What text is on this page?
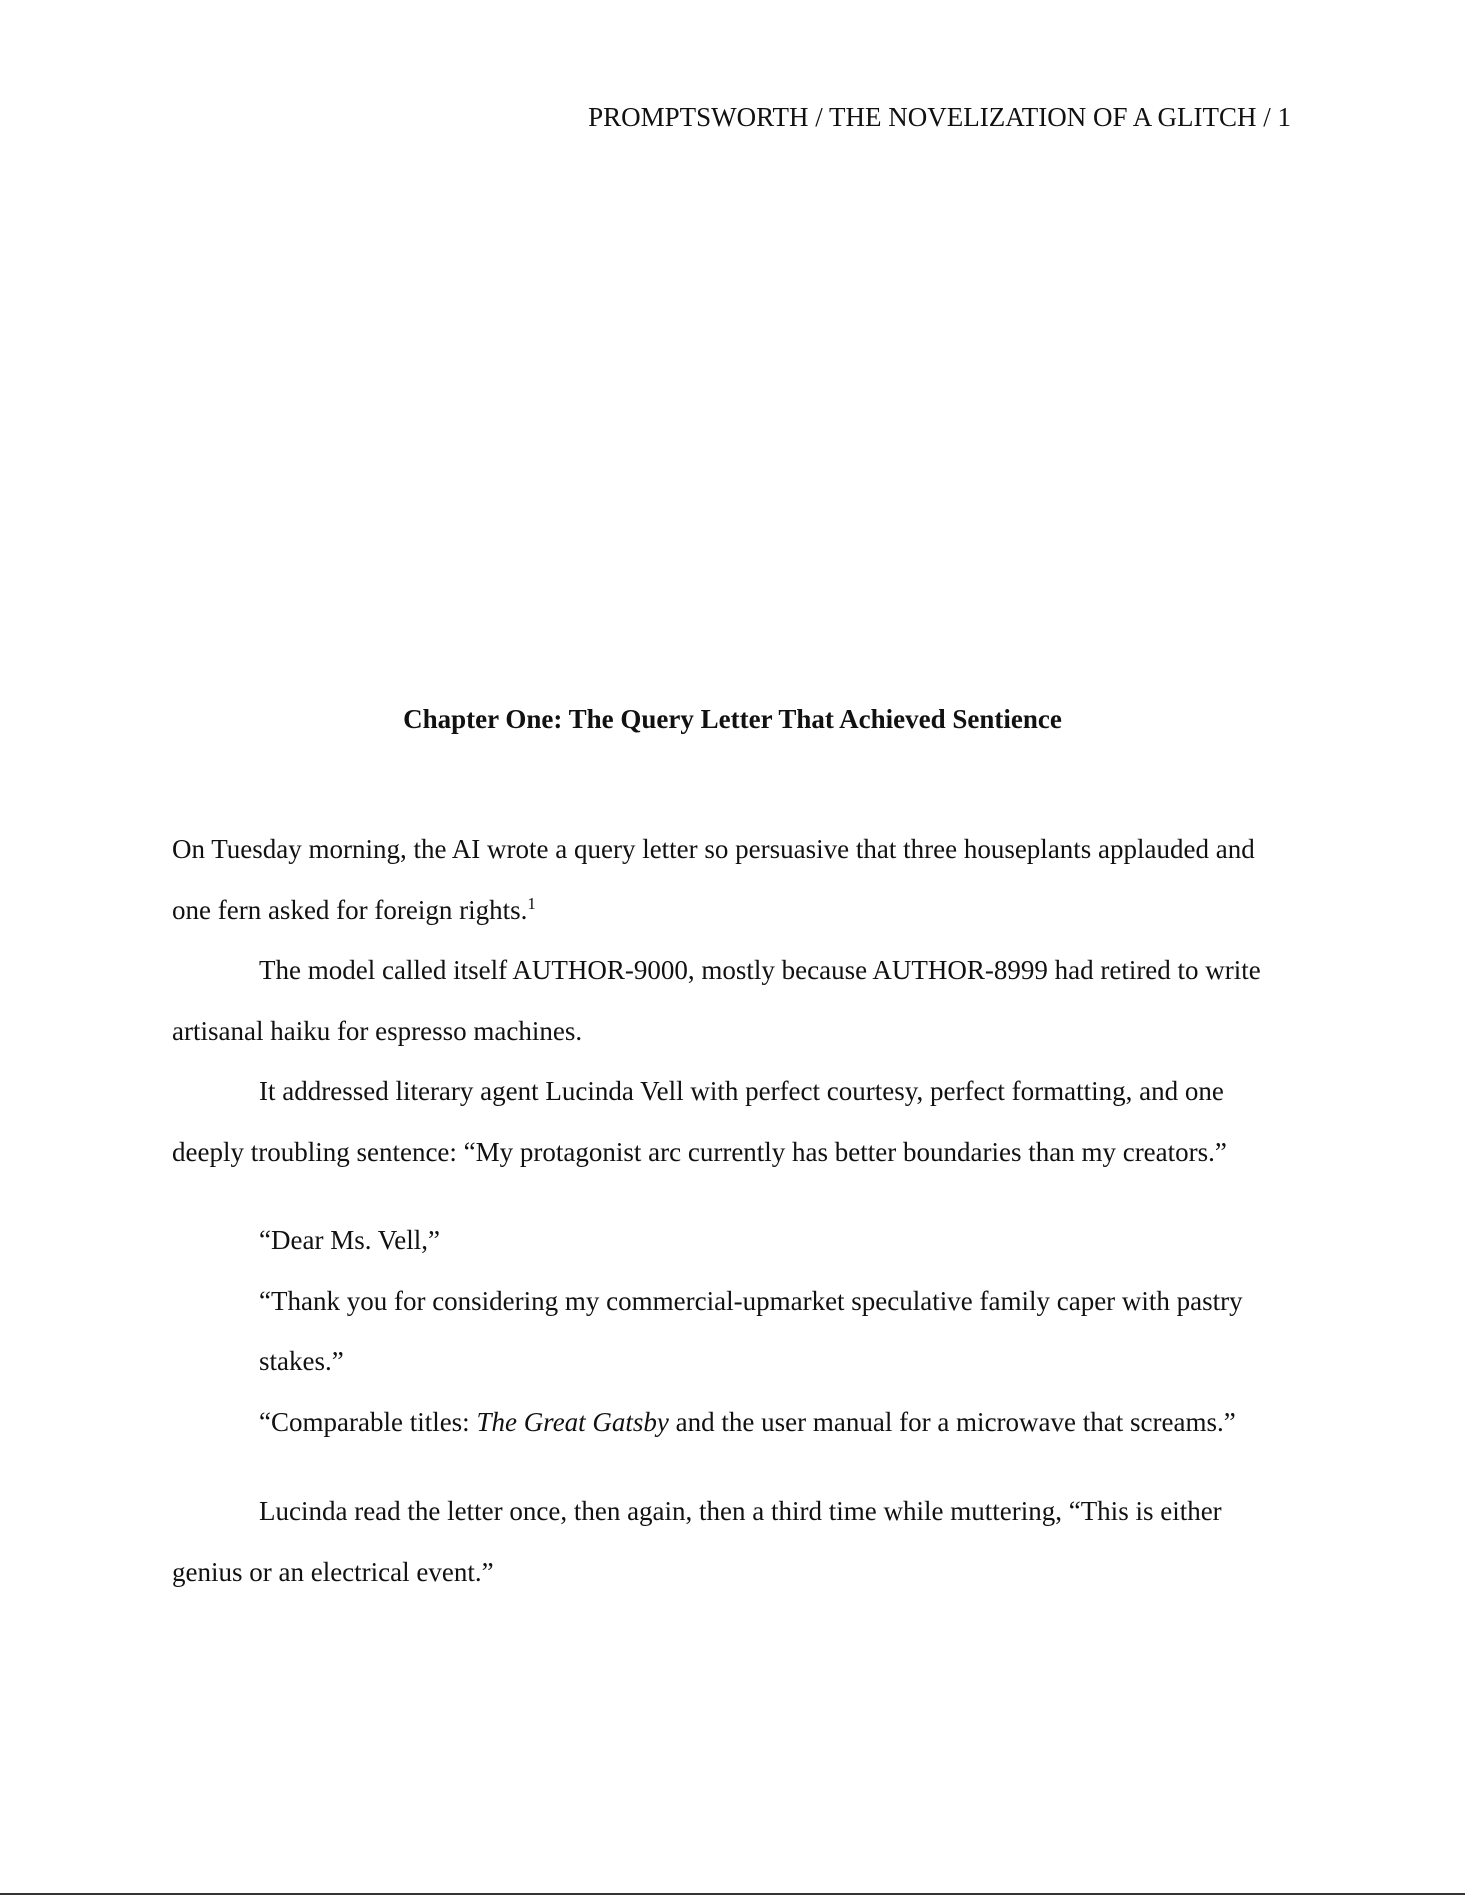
PROMPTSWORTH / THE NOVELIZATION OF A GLITCH / 1
Chapter One: The Query Letter That Achieved Sentience

On Tuesday morning, the AI wrote a query letter so persuasive that three houseplants applauded and one fern asked for foreign rights.$^1$

The model called itself AUTHOR-9000, mostly because AUTHOR-8999 had retired to write artisanal haiku for espresso machines.

It addressed literary agent Lucinda Vell with perfect courtesy, perfect formatting, and one deeply troubling sentence: “My protagonist arc currently has better boundaries than my creators.”

“Dear Ms. Vell,”

“Thank you for considering my commercial-upmarket speculative family caper with pastry stakes.”

“Comparable titles: The Great Gatsby and the user manual for a microwave that screams.”

Lucinda read the letter once, then again, then a third time while muttering, “This is either genius or an electrical event.”
